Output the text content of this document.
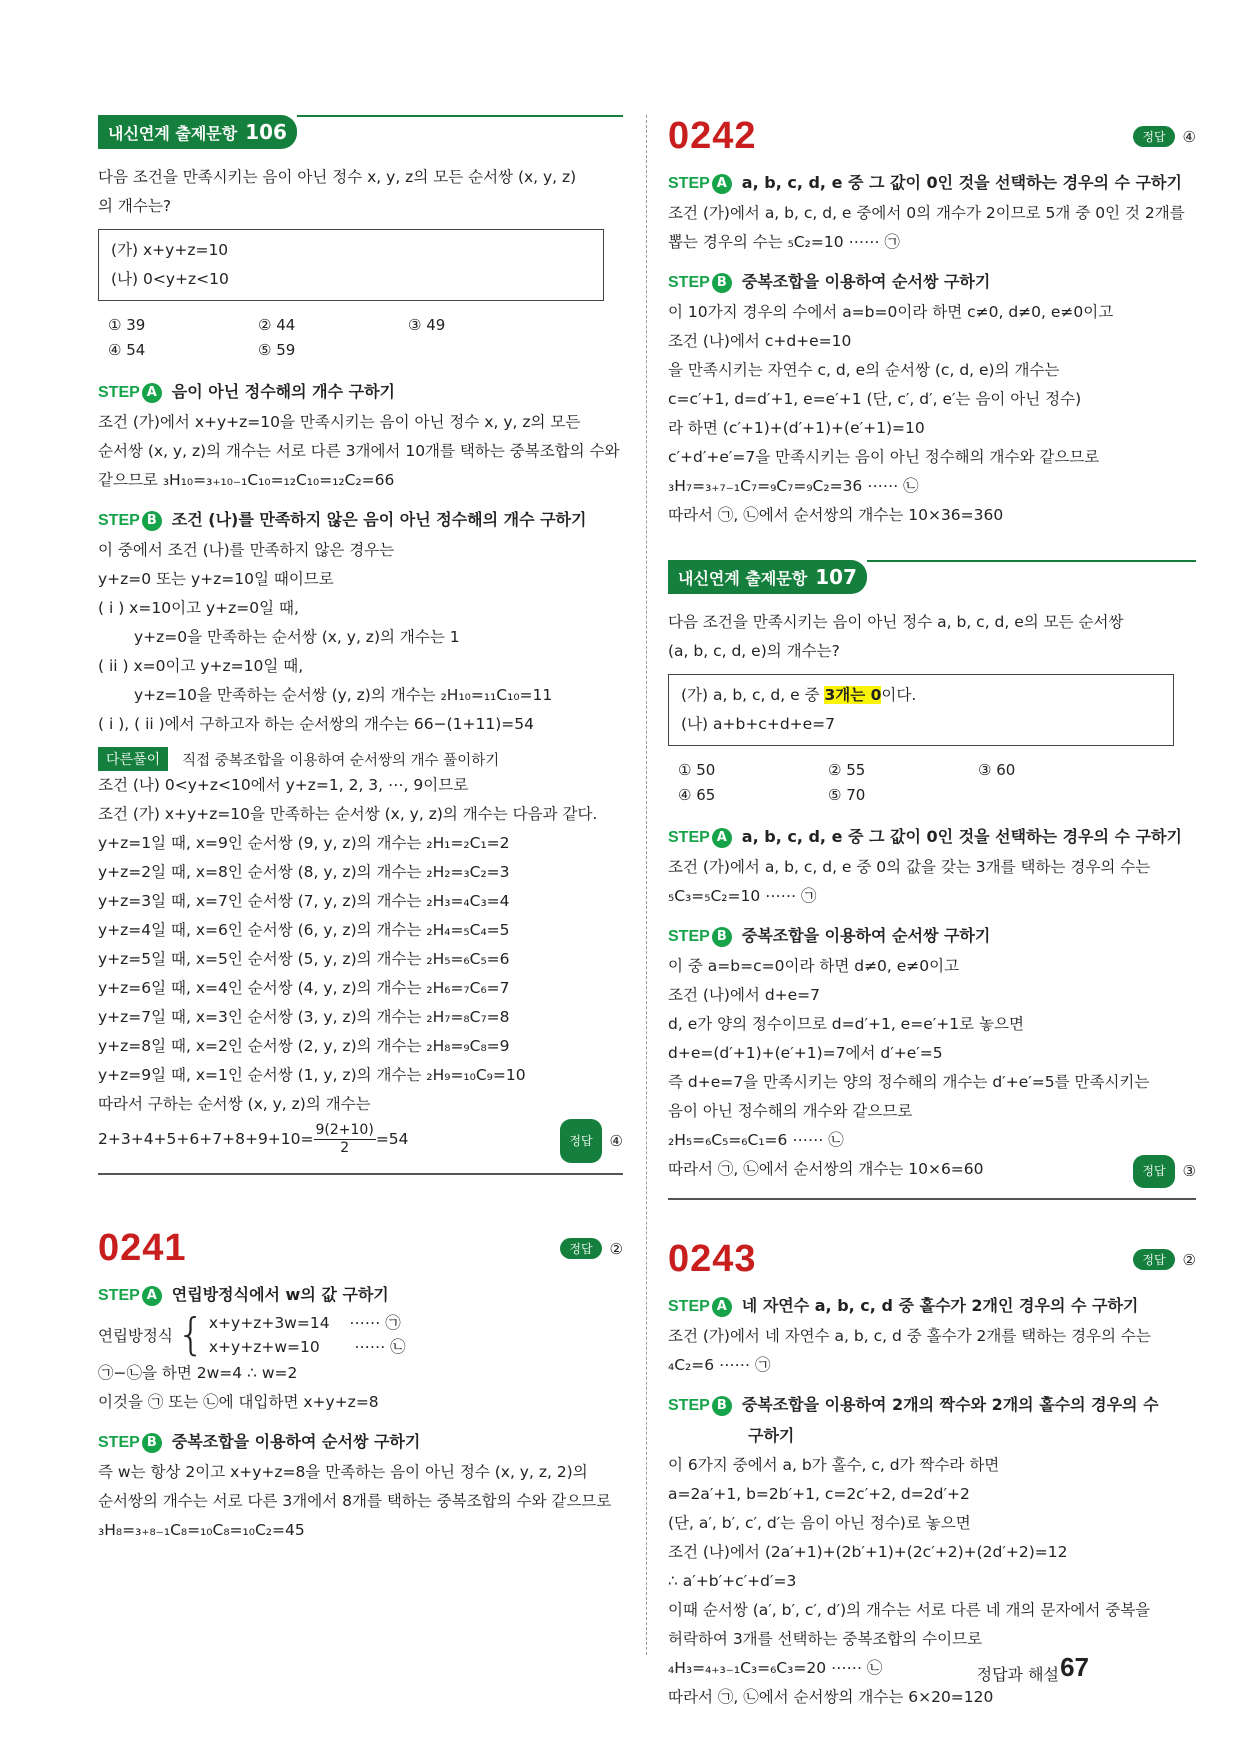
내신연계 출제문항 106
다음 조건을 만족시키는 음이 아닌 정수 x, y, z의 모든 순서쌍 (x, y, z)
의 개수는?
(가) x+y+z=10
(나) 0<y+z<10
① 39	② 44	③ 49
④ 54	⑤ 59
STEP A 음이 아닌 정수해의 개수 구하기
조건 (가)에서 x+y+z=10을 만족시키는 음이 아닌 정수 x, y, z의 모든
순서쌍 (x, y, z)의 개수는 서로 다른 3개에서 10개를 택하는 중복조합의 수와
같으므로 ₃H₁₀=₃₊₁₀₋₁C₁₀=₁₂C₁₀=₁₂C₂=66
STEP B 조건 (나)를 만족하지 않은 음이 아닌 정수해의 개수 구하기
이 중에서 조건 (나)를 만족하지 않은 경우는
y+z=0 또는 y+z=10일 때이므로
( i ) x=10이고 y+z=0일 때,
y+z=0을 만족하는 순서쌍 (x, y, z)의 개수는 1
( ii ) x=0이고 y+z=10일 때,
y+z=10을 만족하는 순서쌍 (y, z)의 개수는 ₂H₁₀=₁₁C₁₀=11
( i ), ( ii )에서 구하고자 하는 순서쌍의 개수는 66−(1+11)=54
다른풀이	직접 중복조합을 이용하여 순서쌍의 개수 풀이하기
조건 (나) 0<y+z<10에서 y+z=1, 2, 3, ⋯, 9이므로
조건 (가) x+y+z=10을 만족하는 순서쌍 (x, y, z)의 개수는 다음과 같다.
y+z=1일 때, x=9인 순서쌍 (9, y, z)의 개수는 ₂H₁=₂C₁=2
y+z=2일 때, x=8인 순서쌍 (8, y, z)의 개수는 ₂H₂=₃C₂=3
y+z=3일 때, x=7인 순서쌍 (7, y, z)의 개수는 ₂H₃=₄C₃=4
y+z=4일 때, x=6인 순서쌍 (6, y, z)의 개수는 ₂H₄=₅C₄=5
y+z=5일 때, x=5인 순서쌍 (5, y, z)의 개수는 ₂H₅=₆C₅=6
y+z=6일 때, x=4인 순서쌍 (4, y, z)의 개수는 ₂H₆=₇C₆=7
y+z=7일 때, x=3인 순서쌍 (3, y, z)의 개수는 ₂H₇=₈C₇=8
y+z=8일 때, x=2인 순서쌍 (2, y, z)의 개수는 ₂H₈=₉C₈=9
y+z=9일 때, x=1인 순서쌍 (1, y, z)의 개수는 ₂H₉=₁₀C₉=10
따라서 구하는 순서쌍 (x, y, z)의 개수는
$2+3+4+5+6+7+8+9+10= \frac{9(2+10)}{2}=54$	정답	④
0241	정답	②
STEP A 연립방정식에서 w의 값 구하기
연립방정식 { x+y+z+3w=14 ⋯⋯ ㉠
x+y+z+w=10 ⋯⋯ ㉡
㉠−㉡을 하면 2w=4 ∴ w=2
이것을 ㉠ 또는 ㉡에 대입하면 x+y+z=8
STEP B 중복조합을 이용하여 순서쌍 구하기
즉 w는 항상 2이고 x+y+z=8을 만족하는 음이 아닌 정수 (x, y, z, 2)의
순서쌍의 개수는 서로 다른 3개에서 8개를 택하는 중복조합의 수와 같으므로
₃H₈=₃₊₈₋₁C₈=₁₀C₈=₁₀C₂=45
0242	정답	④
STEP A a, b, c, d, e 중 그 값이 0인 것을 선택하는 경우의 수 구하기
조건 (가)에서 a, b, c, d, e 중에서 0의 개수가 2이므로 5개 중 0인 것 2개를
뽑는 경우의 수는 ₅C₂=10 ⋯⋯ ㉠
STEP B 중복조합을 이용하여 순서쌍 구하기
이 10가지 경우의 수에서 a=b=0이라 하면 c≠0, d≠0, e≠0이고
조건 (나)에서 c+d+e=10
을 만족시키는 자연수 c, d, e의 순서쌍 (c, d, e)의 개수는
c=c′+1, d=d′+1, e=e′+1 (단, c′, d′, e′는 음이 아닌 정수)
라 하면 (c′+1)+(d′+1)+(e′+1)=10
c′+d′+e′=7을 만족시키는 음이 아닌 정수해의 개수와 같으므로
₃H₇=₃₊₇₋₁C₇=₉C₇=₉C₂=36 ⋯⋯ ㉡
따라서 ㉠, ㉡에서 순서쌍의 개수는 10×36=360
내신연계 출제문항 107
다음 조건을 만족시키는 음이 아닌 정수 a, b, c, d, e의 모든 순서쌍
(a, b, c, d, e)의 개수는?
(가) a, b, c, d, e 중 3개는 0이다.
(나) a+b+c+d+e=7
① 50	② 55	③ 60
④ 65	⑤ 70
STEP A a, b, c, d, e 중 그 값이 0인 것을 선택하는 경우의 수 구하기
조건 (가)에서 a, b, c, d, e 중 0의 값을 갖는 3개를 택하는 경우의 수는
₅C₃=₅C₂=10 ⋯⋯ ㉠
STEP B 중복조합을 이용하여 순서쌍 구하기
이 중 a=b=c=0이라 하면 d≠0, e≠0이고
조건 (나)에서 d+e=7
d, e가 양의 정수이므로 d=d′+1, e=e′+1로 놓으면
d+e=(d′+1)+(e′+1)=7에서 d′+e′=5
즉 d+e=7을 만족시키는 양의 정수해의 개수는 d′+e′=5를 만족시키는
음이 아닌 정수해의 개수와 같으므로
₂H₅=₆C₅=₆C₁=6 ⋯⋯ ㉡
따라서 ㉠, ㉡에서 순서쌍의 개수는 10×6=60	정답	③
0243	정답	②
STEP A 네 자연수 a, b, c, d 중 홀수가 2개인 경우의 수 구하기
조건 (가)에서 네 자연수 a, b, c, d 중 홀수가 2개를 택하는 경우의 수는
₄C₂=6 ⋯⋯ ㉠
STEP B 중복조합을 이용하여 2개의 짝수와 2개의 홀수의 경우의 수
구하기
이 6가지 중에서 a, b가 홀수, c, d가 짝수라 하면
a=2a′+1, b=2b′+1, c=2c′+2, d=2d′+2
(단, a′, b′, c′, d′는 음이 아닌 정수)로 놓으면
조건 (나)에서 (2a′+1)+(2b′+1)+(2c′+2)+(2d′+2)=12
∴ a′+b′+c′+d′=3
이때 순서쌍 (a′, b′, c′, d′)의 개수는 서로 다른 네 개의 문자에서 중복을
허락하여 3개를 선택하는 중복조합의 수이므로
₄H₃=₄₊₃₋₁C₃=₆C₃=20 ⋯⋯ ㉡
따라서 ㉠, ㉡에서 순서쌍의 개수는 6×20=120
정답과 해설 67
